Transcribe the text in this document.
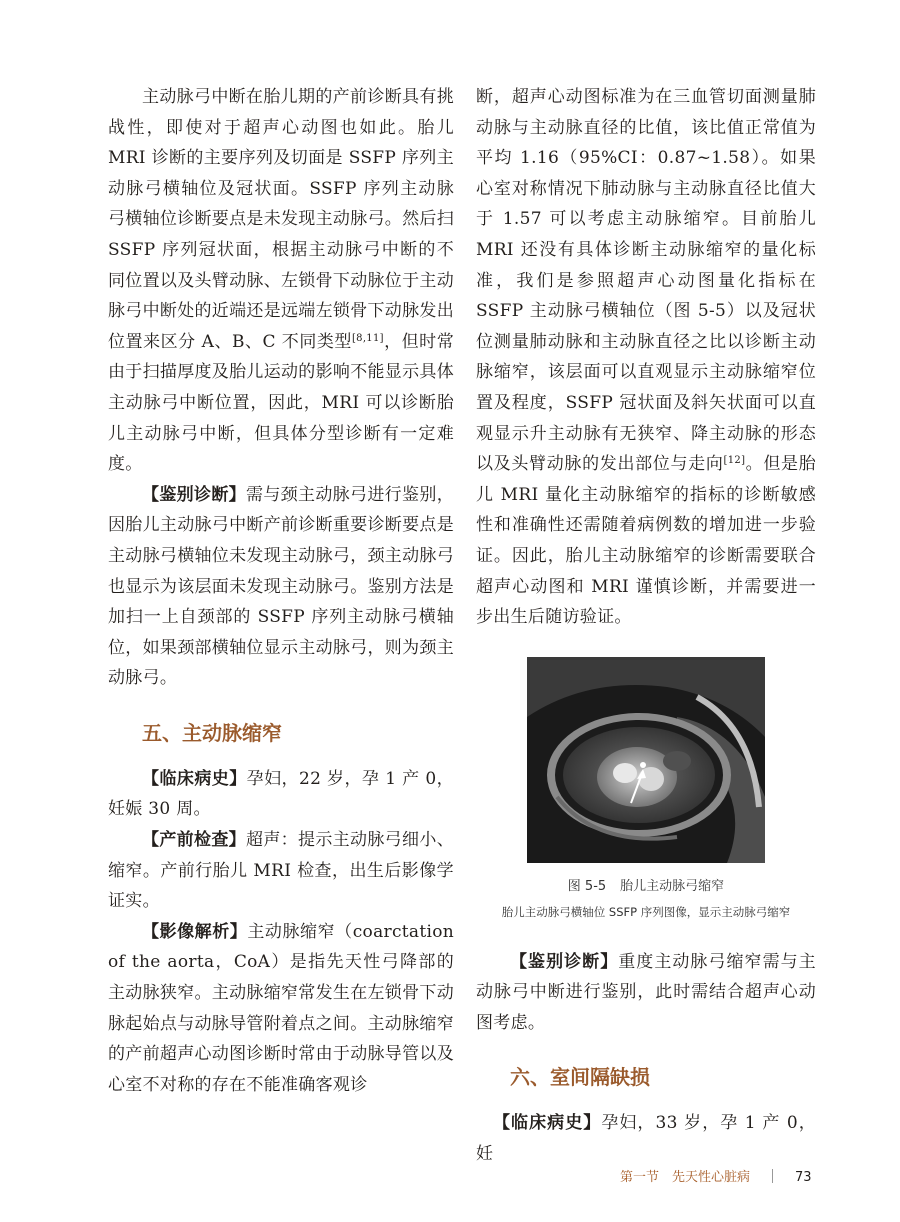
主动脉弓中断在胎儿期的产前诊断具有挑战性，即使对于超声心动图也如此。胎儿 MRI 诊断的主要序列及切面是 SSFP 序列主动脉弓横轴位及冠状面。SSFP 序列主动脉弓横轴位诊断要点是未发现主动脉弓。然后扫 SSFP 序列冠状面，根据主动脉弓中断的不同位置以及头臂动脉、左锁骨下动脉位于主动脉弓中断处的近端还是远端左锁骨下动脉发出位置来区分 A、B、C 不同类型[8,11]，但时常由于扫描厚度及胎儿运动的影响不能显示具体主动脉弓中断位置，因此，MRI 可以诊断胎儿主动脉弓中断，但具体分型诊断有一定难度。

【鉴别诊断】需与颈主动脉弓进行鉴别，因胎儿主动脉弓中断产前诊断重要诊断要点是主动脉弓横轴位未发现主动脉弓，颈主动脉弓也显示为该层面未发现主动脉弓。鉴别方法是加扫一上自颈部的 SSFP 序列主动脉弓横轴位，如果颈部横轴位显示主动脉弓，则为颈主动脉弓。

五、主动脉缩窄

【临床病史】孕妇，22 岁，孕 1 产 0，妊娠 30 周。

【产前检查】超声：提示主动脉弓细小、缩窄。产前行胎儿 MRI 检查，出生后影像学证实。

【影像解析】主动脉缩窄（coarctation of the aorta，CoA）是指先天性弓降部的主动脉狭窄。主动脉缩窄常发生在左锁骨下动脉起始点与动脉导管附着点之间。主动脉缩窄的产前超声心动图诊断时常由于动脉导管以及心室不对称的存在不能准确客观诊

断，超声心动图标准为在三血管切面测量肺动脉与主动脉直径的比值，该比值正常值为平均 1.16（95%CI：0.87~1.58）。如果心室对称情况下肺动脉与主动脉直径比值大于 1.57 可以考虑主动脉缩窄。目前胎儿 MRI 还没有具体诊断主动脉缩窄的量化标准，我们是参照超声心动图量化指标在 SSFP 主动脉弓横轴位（图 5-5）以及冠状位测量肺动脉和主动脉直径之比以诊断主动脉缩窄，该层面可以直观显示主动脉缩窄位置及程度，SSFP 冠状面及斜矢状面可以直观显示升主动脉有无狭窄、降主动脉的形态以及头臂动脉的发出部位与走向[12]。但是胎儿 MRI 量化主动脉缩窄的指标的诊断敏感性和准确性还需随着病例数的增加进一步验证。因此，胎儿主动脉缩窄的诊断需要联合超声心动图和 MRI 谨慎诊断，并需要进一步出生后随访验证。

图 5-5 胎儿主动脉弓缩窄
胎儿主动脉弓横轴位 SSFP 序列图像，显示主动脉弓缩窄

【鉴别诊断】重度主动脉弓缩窄需与主动脉弓中断进行鉴别，此时需结合超声心动图考虑。

六、室间隔缺损

【临床病史】孕妇，33 岁，孕 1 产 0，妊

第一节　先天性心脏病	73
